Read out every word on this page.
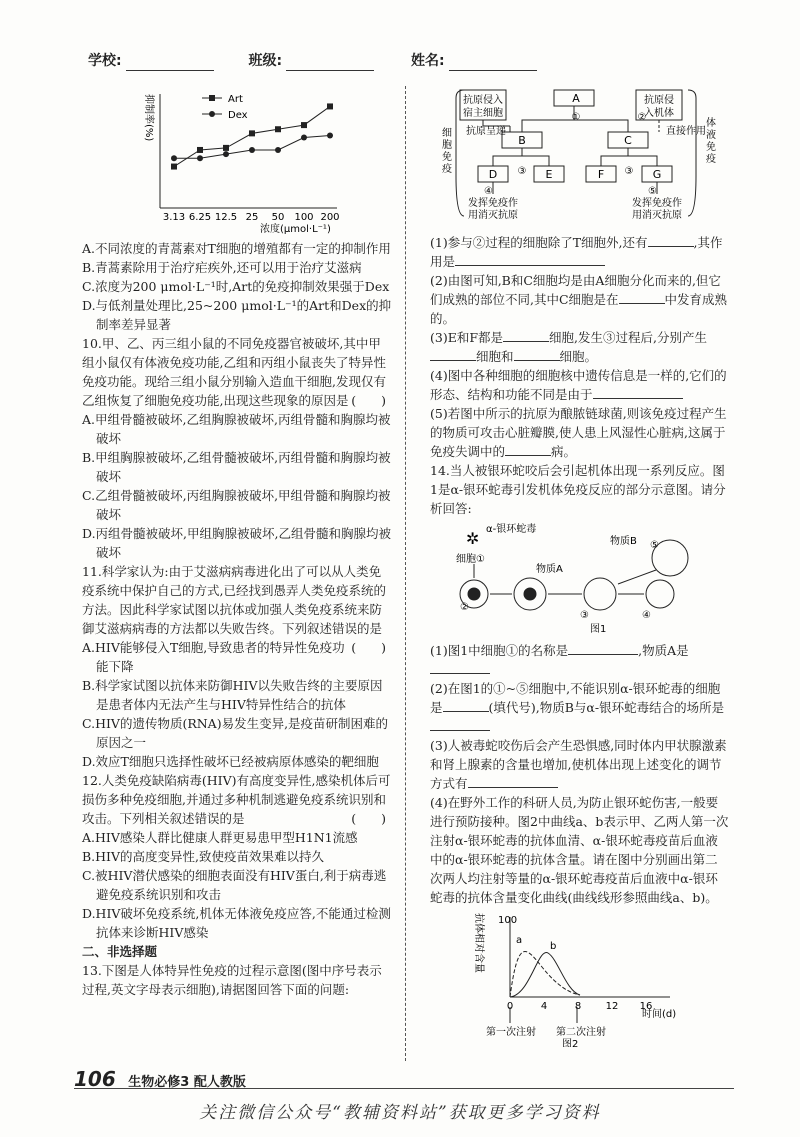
学校:	班级:	姓名:
抑制率(%)
3.13 6.25 12.5 25 50 100 200
Art
Dex
浓度(μmol·L⁻¹)

A.不同浓度的青蒿素对T细胞的增殖都有一定的抑制作用

B.青蒿素除用于治疗疟疾外,还可以用于治疗艾滋病

C.浓度为200 μmol·L⁻¹时,Art的免疫抑制效果强于Dex

D.与低剂量处理比,25~200 μmol·L⁻¹的Art和Dex的抑制率差异显著

10.甲、乙、丙三组小鼠的不同免疫器官被破坏,其中甲组小鼠仅有体液免疫功能,乙组和丙组小鼠丧失了特异性免疫功能。现给三组小鼠分别输入造血干细胞,发现仅有乙组恢复了细胞免疫功能,出现这些现象的原因是 (　　)

A.甲组骨髓被破坏,乙组胸腺被破坏,丙组骨髓和胸腺均被破坏

B.甲组胸腺被破坏,乙组骨髓被破坏,丙组骨髓和胸腺均被破坏

C.乙组骨髓被破坏,丙组胸腺被破坏,甲组骨髓和胸腺均被破坏

D.丙组骨髓被破坏,甲组胸腺被破坏,乙组骨髓和胸腺均被破坏

11.科学家认为:由于艾滋病病毒进化出了可以从人类免疫系统中保护自己的方式,已经找到愚弄人类免疫系统的方法。因此科学家试图以抗体或加强人类免疫系统来防御艾滋病病毒的方法都以失败告终。下列叙述错误的是
(　　)

A.HIV能够侵入T细胞,导致患者的特异性免疫功能下降

B.科学家试图以抗体来防御HIV以失败告终的主要原因是患者体内无法产生与HIV特异性结合的抗体

C.HIV的遗传物质(RNA)易发生变异,是疫苗研制困难的原因之一

D.效应T细胞只选择性破坏已经被病原体感染的靶细胞

12.人类免疫缺陷病毒(HIV)有高度变异性,感染机体后可损伤多种免疫细胞,并通过多种机制逃避免疫系统识别和攻击。下列相关叙述错误的是	(　　)

A.HIV感染人群比健康人群更易患甲型H1N1流感

B.HIV的高度变异性,致使疫苗效果难以持久

C.被HIV潜伏感染的细胞表面没有HIV蛋白,利于病毒逃避免疫系统识别和攻击

D.HIV破坏免疫系统,机体无体液免疫应答,不能通过检测抗体来诊断HIV感染

二、非选择题

13.下图是人体特异性免疫的过程示意图(图中序号表示过程,英文字母表示细胞),请据图回答下面的问题:

A
B	C
D	E	F	G
抗原侵入
宿主细胞
抗原侵
入机体
抗原呈递	直接作用
①	②
③	③
④	⑤
发挥免疫作
用消灭抗原
发挥免疫作
用消灭抗原
细
胞
免
疫
体
液
免
疫

(1)参与②过程的细胞除了T细胞外,还有	,其作用是

(2)由图可知,B和C细胞均是由A细胞分化而来的,但它们成熟的部位不同,其中C细胞是在	中发育成熟的。

(3)E和F都是	细胞,发生③过程后,分别产生细胞和	细胞。

(4)图中各种细胞的细胞核中遗传信息是一样的,它们的形态、结构和功能不同是由于

(5)若图中所示的抗原为酿脓链球菌,则该免疫过程产生的物质可攻击心脏瓣膜,使人患上风湿性心脏病,这属于免疫失调中的	病。

14.当人被银环蛇咬后会引起机体出现一系列反应。图1是α-银环蛇毒引发机体免疫反应的部分示意图。请分析回答:

α-银环蛇毒
细胞①
物质A
物质B
②
③	④
⑤
图1
✲

(1)图1中细胞①的名称是	,物质A是

(2)在图1的①~⑤细胞中,不能识别α-银环蛇毒的细胞是	(填代号),物质B与α-银环蛇毒结合的场所是

(3)人被毒蛇咬伤后会产生恐惧感,同时体内甲状腺激素和肾上腺素的含量也增加,使机体出现上述变化的调节方式有

(4)在野外工作的科研人员,为防止银环蛇伤害,一般要进行预防接种。图2中曲线a、b表示甲、乙两人第一次注射α-银环蛇毒的抗体血清、α-银环蛇毒疫苗后血液中的α-银环蛇毒的抗体含量。请在图中分别画出第二次两人均注射等量的α-银环蛇毒疫苗后血液中α-银环蛇毒的抗体含量变化曲线(曲线线形参照曲线a、b)。

抗体相对含量 100
0	4	8 12 16
a
b
时间(d)
第一次注射 第二次注射
图2
106 生物必修3 配人教版
关注微信公众号“教辅资料站”获取更多学习资料
